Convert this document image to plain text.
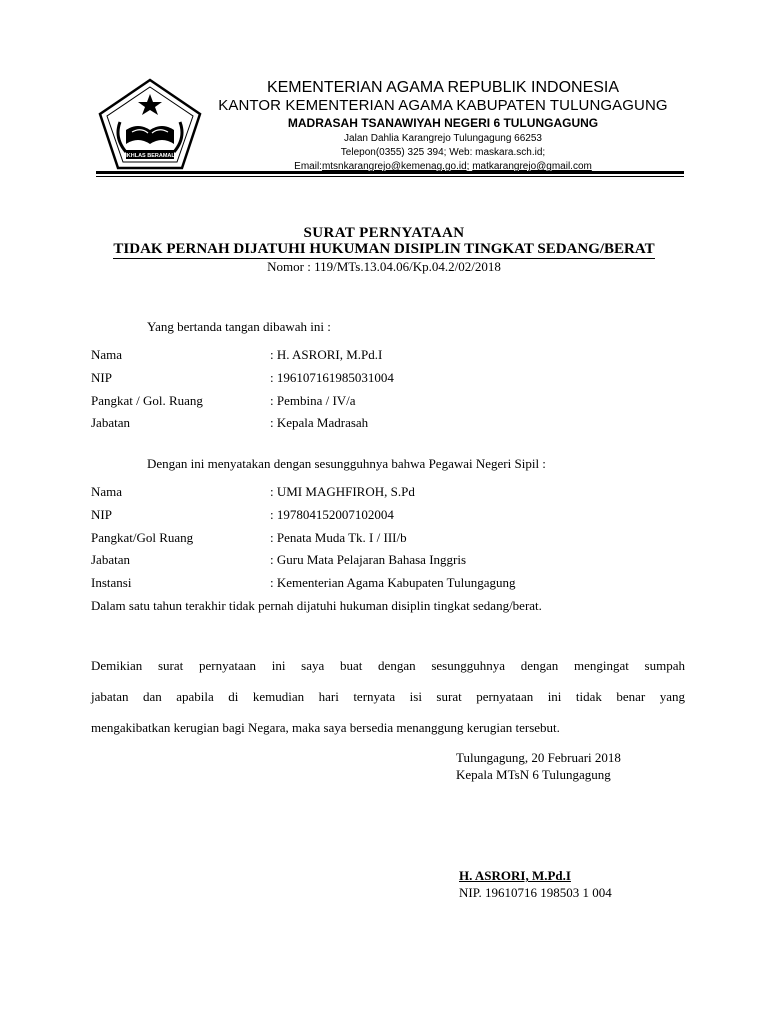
IKHLAS BERAMAL
KEMENTERIAN AGAMA REPUBLIK INDONESIA
KANTOR KEMENTERIAN AGAMA KABUPATEN TULUNGAGUNG
MADRASAH TSANAWIYAH NEGERI 6 TULUNGAGUNG
Jalan Dahlia Karangrejo Tulungagung 66253
Telepon(0355) 325 394; Web: maskara.sch.id;
Email:mtsnkarangrejo@kemenag.go.id; matkarangrejo@gmail.com
SURAT PERNYATAAN
TIDAK PERNAH DIJATUHI HUKUMAN DISIPLIN TINGKAT SEDANG/BERAT
Nomor : 119/MTs.13.04.06/Kp.04.2/02/2018
Yang bertanda tangan dibawah ini :
Nama	: H. ASRORI, M.Pd.I
NIP	: 196107161985031004
Pangkat / Gol. Ruang	: Pembina / IV/a
Jabatan	: Kepala Madrasah
Dengan ini menyatakan dengan sesungguhnya bahwa Pegawai Negeri Sipil :
Nama	: UMI MAGHFIROH, S.Pd
NIP	: 197804152007102004
Pangkat/Gol Ruang	: Penata Muda Tk. I / III/b
Jabatan	: Guru Mata Pelajaran Bahasa Inggris
Instansi	: Kementerian Agama Kabupaten Tulungagung
Dalam satu tahun terakhir tidak pernah dijatuhi hukuman disiplin tingkat sedang/berat.
Demikian surat pernyataan ini saya buat dengan sesungguhnya dengan mengingat sumpah
jabatan dan apabila di kemudian hari ternyata isi surat pernyataan ini tidak benar yang
mengakibatkan kerugian bagi Negara, maka saya bersedia menanggung kerugian tersebut.
Tulungagung, 20 Februari 2018
Kepala MTsN 6 Tulungagung
H. ASRORI, M.Pd.I
NIP. 19610716 198503 1 004
